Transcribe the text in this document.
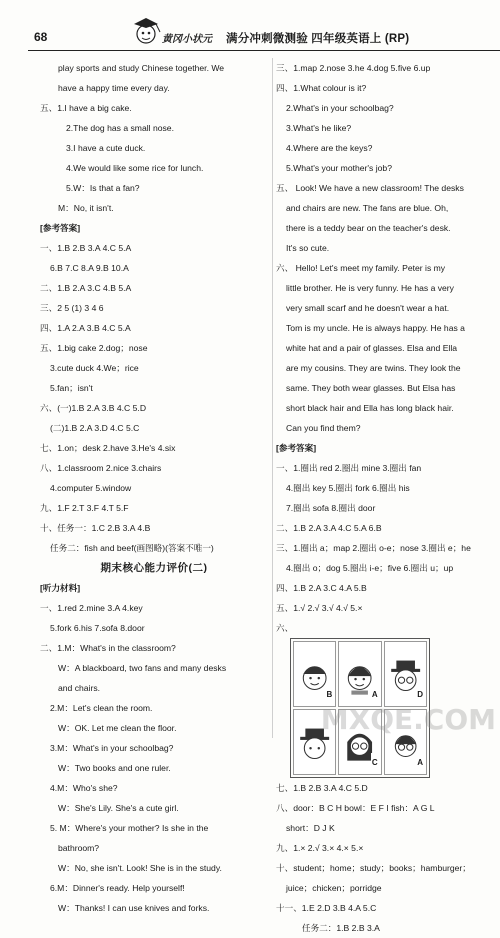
68	黄冈小状元 满分冲刺微测验 四年级英语上 (RP)
play sports and study Chinese together. We
have a happy time every day.
五、1.I have a big cake.
2.The dog has a small nose.
3.I have a cute duck.
4.We would like some rice for lunch.
5.W：Is that a fan?
M：No, it isn't.
[参考答案]
一、1.B 2.B 3.A 4.C 5.A
6.B 7.C 8.A 9.B 10.A
二、1.B 2.A 3.C 4.B 5.A
三、2 5 (1) 3 4 6
四、1.A 2.A 3.B 4.C 5.A
五、1.big cake 2.dog；nose
3.cute duck 4.We；rice
5.fan；isn't
六、(一)1.B 2.A 3.B 4.C 5.D
(二)1.B 2.A 3.D 4.C 5.C
七、1.on；desk 2.have 3.He's 4.six
八、1.classroom 2.nice 3.chairs
4.computer 5.window
九、1.F 2.T 3.F 4.T 5.F
十、任务一：1.C 2.B 3.A 4.B
任务二：fish and beef(画图略)(答案不唯一)
期末核心能力评价(二)
[听力材料]
一、1.red 2.mine 3.A 4.key
5.fork 6.his 7.sofa 8.door
二、1.M：What's in the classroom?
W：A blackboard, two fans and many desks
and chairs.
2.M：Let's clean the room.
W：OK. Let me clean the floor.
3.M：What's in your schoolbag?
W：Two books and one ruler.
4.M：Who's she?
W：She's Lily. She's a cute girl.
5. M：Where's your mother? Is she in the
bathroom?
W：No, she isn't. Look! She is in the study.
6.M：Dinner's ready. Help yourself!
W：Thanks! I can use knives and forks.
三、1.map 2.nose 3.he 4.dog 5.five 6.up
四、1.What colour is it?
2.What's in your schoolbag?
3.What's he like?
4.Where are the keys?
5.What's your mother's job?
五、 Look! We have a new classroom! The desks
and chairs are new. The fans are blue. Oh,
there is a teddy bear on the teacher's desk.
It's so cute.
六、 Hello! Let's meet my family. Peter is my
little brother. He is very funny. He has a very
very small scarf and he doesn't wear a hat.
Tom is my uncle. He is always happy. He has a
white hat and a pair of glasses. Elsa and Ella
are my cousins. They are twins. They look the
same. They both wear glasses. But Elsa has
short black hair and Ella has long black hair.
Can you find them?
[参考答案]
一、1.圈出 red 2.圈出 mine 3.圈出 fan
4.圈出 key 5.圈出 fork 6.圈出 his
7.圈出 sofa 8.圈出 door
二、1.B 2.A 3.A 4.C 5.A 6.B
三、1.圈出 a；map 2.圈出 o-e；nose 3.圈出 e；he
4.圈出 o；dog 5.圈出 i-e；five 6.圈出 u；up
四、1.B 2.A 3.C 4.A 5.B
五、1.√ 2.√ 3.√ 4.√ 5.×
六、
B	A	D
C	A
七、1.B 2.B 3.A 4.C 5.D
八、door：B C H bowl：E F I fish：A G L
short：D J K
九、1.× 2.√ 3.× 4.× 5.×
十、student；home；study；books；hamburger；
juice；chicken；porridge
十一、1.E 2.D 3.B 4.A 5.C
任务二：1.B 2.B 3.A
MXQE.COM
